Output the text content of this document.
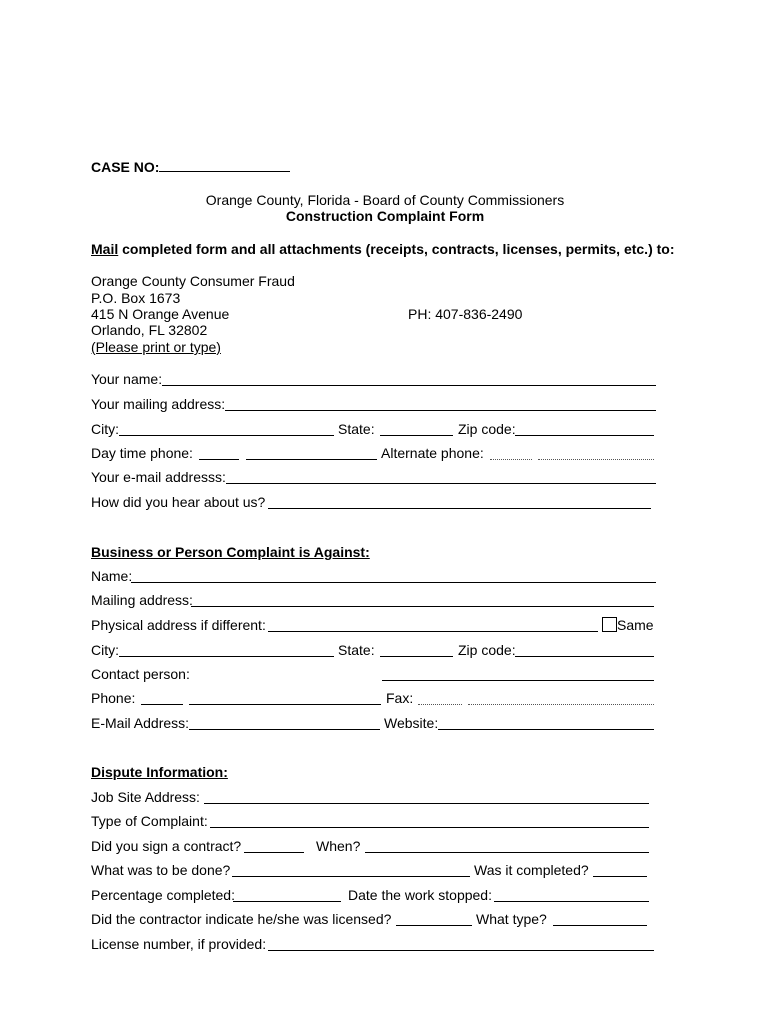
CASE NO:
Orange County, Florida - Board of County Commissioners
Construction Complaint Form
Mail completed form and all attachments (receipts, contracts, licenses, permits, etc.) to:
Orange County Consumer Fraud
P.O. Box 1673
415 N Orange Avenue	PH: 407-836-2490
Orlando, FL 32802
(Please print or type)
Your name:
Your mailing address:
City:	State:	Zip code:
Day time phone:	Alternate phone:
Your e-mail addresss:
How did you hear about us?
Business or Person Complaint is Against:
Name:
Mailing address:
Physical address if different:	Same
City:	State:	Zip code:
Contact person:
Phone:	Fax:
E-Mail Address:	Website:
Dispute Information:
Job Site Address:
Type of Complaint:
Did you sign a contract?	When?
What was to be done?	Was it completed?
Percentage completed:	Date the work stopped:
Did the contractor indicate he/she was licensed?	What type?
License number, if provided:
